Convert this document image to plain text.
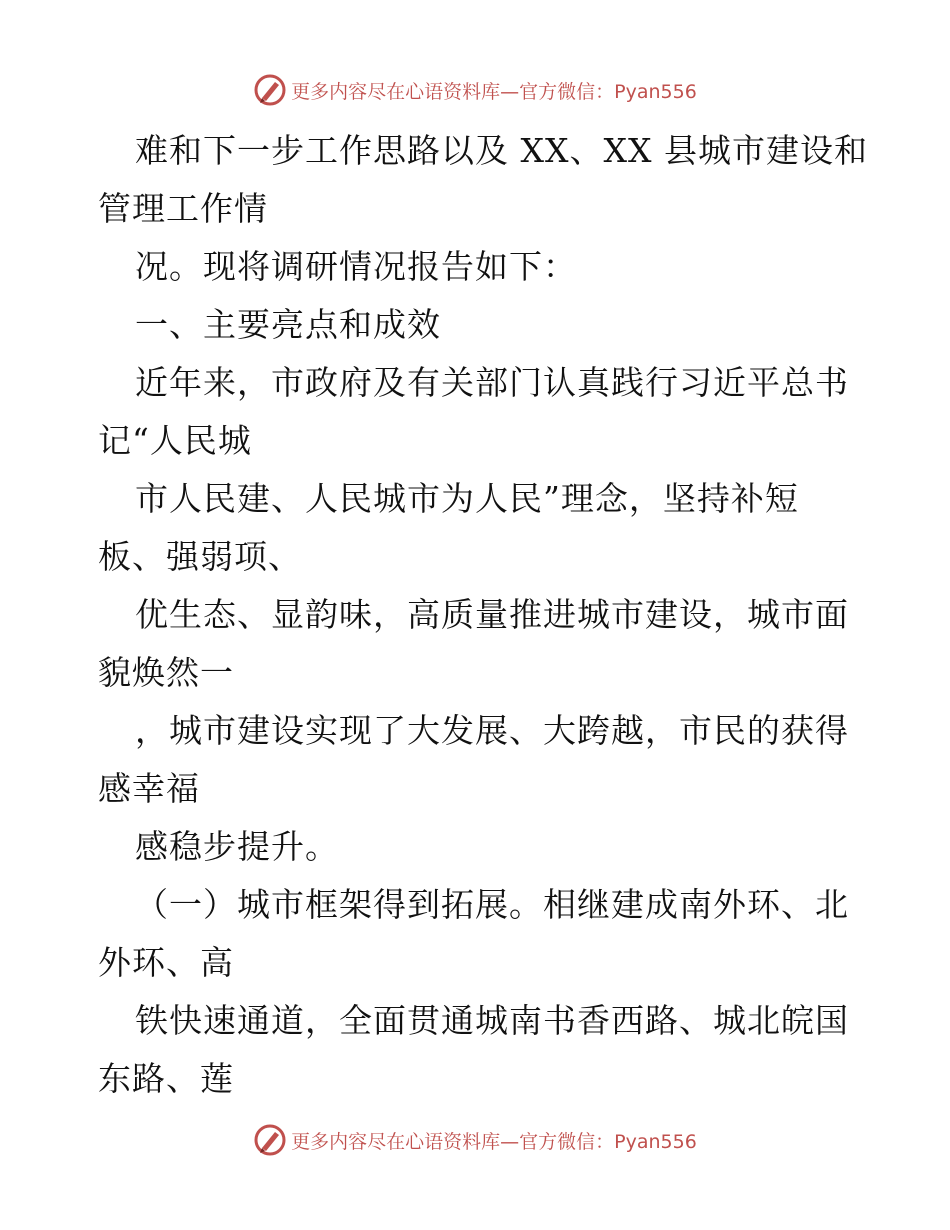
更多内容尽在心语资料库—官方微信：Pyan556
难和下一步工作思路以及 XX、XX 县城市建设和
管理工作情
况。现将调研情况报告如下：
一、主要亮点和成效
近年来，市政府及有关部门认真践行习近平总书
记“人民城
市人民建、人民城市为人民”理念，坚持补短
板、强弱项、
优生态、显韵味，高质量推进城市建设，城市面
貌焕然一
，城市建设实现了大发展、大跨越，市民的获得
感幸福
感稳步提升。
（一）城市框架得到拓展。相继建成南外环、北
外环、高
铁快速通道，全面贯通城南书香西路、城北皖国
东路、莲
更多内容尽在心语资料库—官方微信：Pyan556
